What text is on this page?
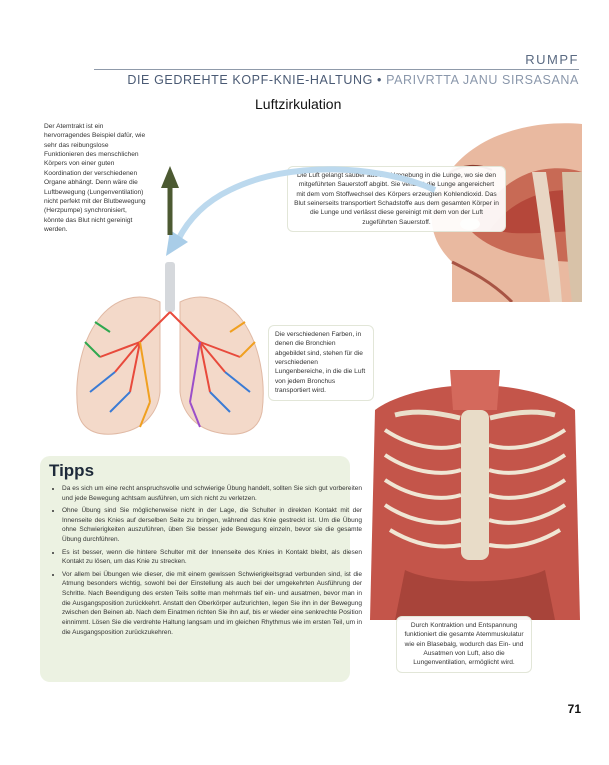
RUMPF
DIE GEDREHTE KOPF-KNIE-HALTUNG • PARIVRTTA JANU SIRSASANA
Luftzirkulation
Der Atemtrakt ist ein hervorragendes Beispiel dafür, wie sehr das reibungslose Funktionieren des menschlichen Körpers von einer guten Koordination der verschiedenen Organe abhängt. Denn wäre die Luftbewegung (Lungenventilation) nicht perfekt mit der Blutbewegung (Herzpumpe) synchronisiert, könnte das Blut nicht gereinigt werden.
Die Luft gelangt sauber aus der Umgebung in die Lunge, wo sie den mitgeführten Sauerstoff abgibt. Sie verlässt die Lunge angereichert mit dem vom Stoffwechsel des Körpers erzeugten Kohlendioxid. Das Blut seinerseits transportiert Schadstoffe aus dem gesamten Körper in die Lunge und verlässt diese gereinigt mit dem von der Luft zugeführten Sauerstoff.
Die verschiedenen Farben, in denen die Bronchien abgebildet sind, stehen für die verschiedenen Lungenbereiche, in die die Luft von jedem Bronchus transportiert wird.
Tipps
• Da es sich um eine recht anspruchsvolle und schwierige Übung handelt, sollten Sie sich gut vorbereiten und jede Bewegung achtsam ausführen, um sich nicht zu verletzen.
• Ohne Übung sind Sie möglicherweise nicht in der Lage, die Schulter in direkten Kontakt mit der Innenseite des Knies auf derselben Seite zu bringen, während das Knie gestreckt ist. Um die Übung ohne Schwierigkeiten auszuführen, üben Sie besser jede Bewegung einzeln, bevor sie die gesamte Übung durchführen.
• Es ist besser, wenn die hintere Schulter mit der Innenseite des Knies in Kontakt bleibt, als diesen Kontakt zu lösen, um das Knie zu strecken.
• Vor allem bei Übungen wie dieser, die mit einem gewissen Schwierigkeitsgrad verbunden sind, ist die Atmung besonders wichtig, sowohl bei der Einstellung als auch bei der umgekehrten Ausführung der Schritte. Nach Beendigung des ersten Teils sollte man mehrmals tief ein- und ausatmen, bevor man in die Ausgangsposition zurückkehrt. Anstatt den Oberkörper aufzurichten, legen Sie ihn in der Bewegung zwischen den Beinen ab. Nach dem Einatmen richten Sie ihn auf, bis er wieder eine senkrechte Position einnimmt. Lösen Sie die verdrehte Haltung langsam und im gleichen Rhythmus wie im ersten Teil, um in die Ausgangsposition zurückzukehren.
Durch Kontraktion und Entspannung funktioniert die gesamte Atemmuskulatur wie ein Blasebalg, wodurch das Ein- und Ausatmen von Luft, also die Lungenventilation, ermöglicht wird.
71
